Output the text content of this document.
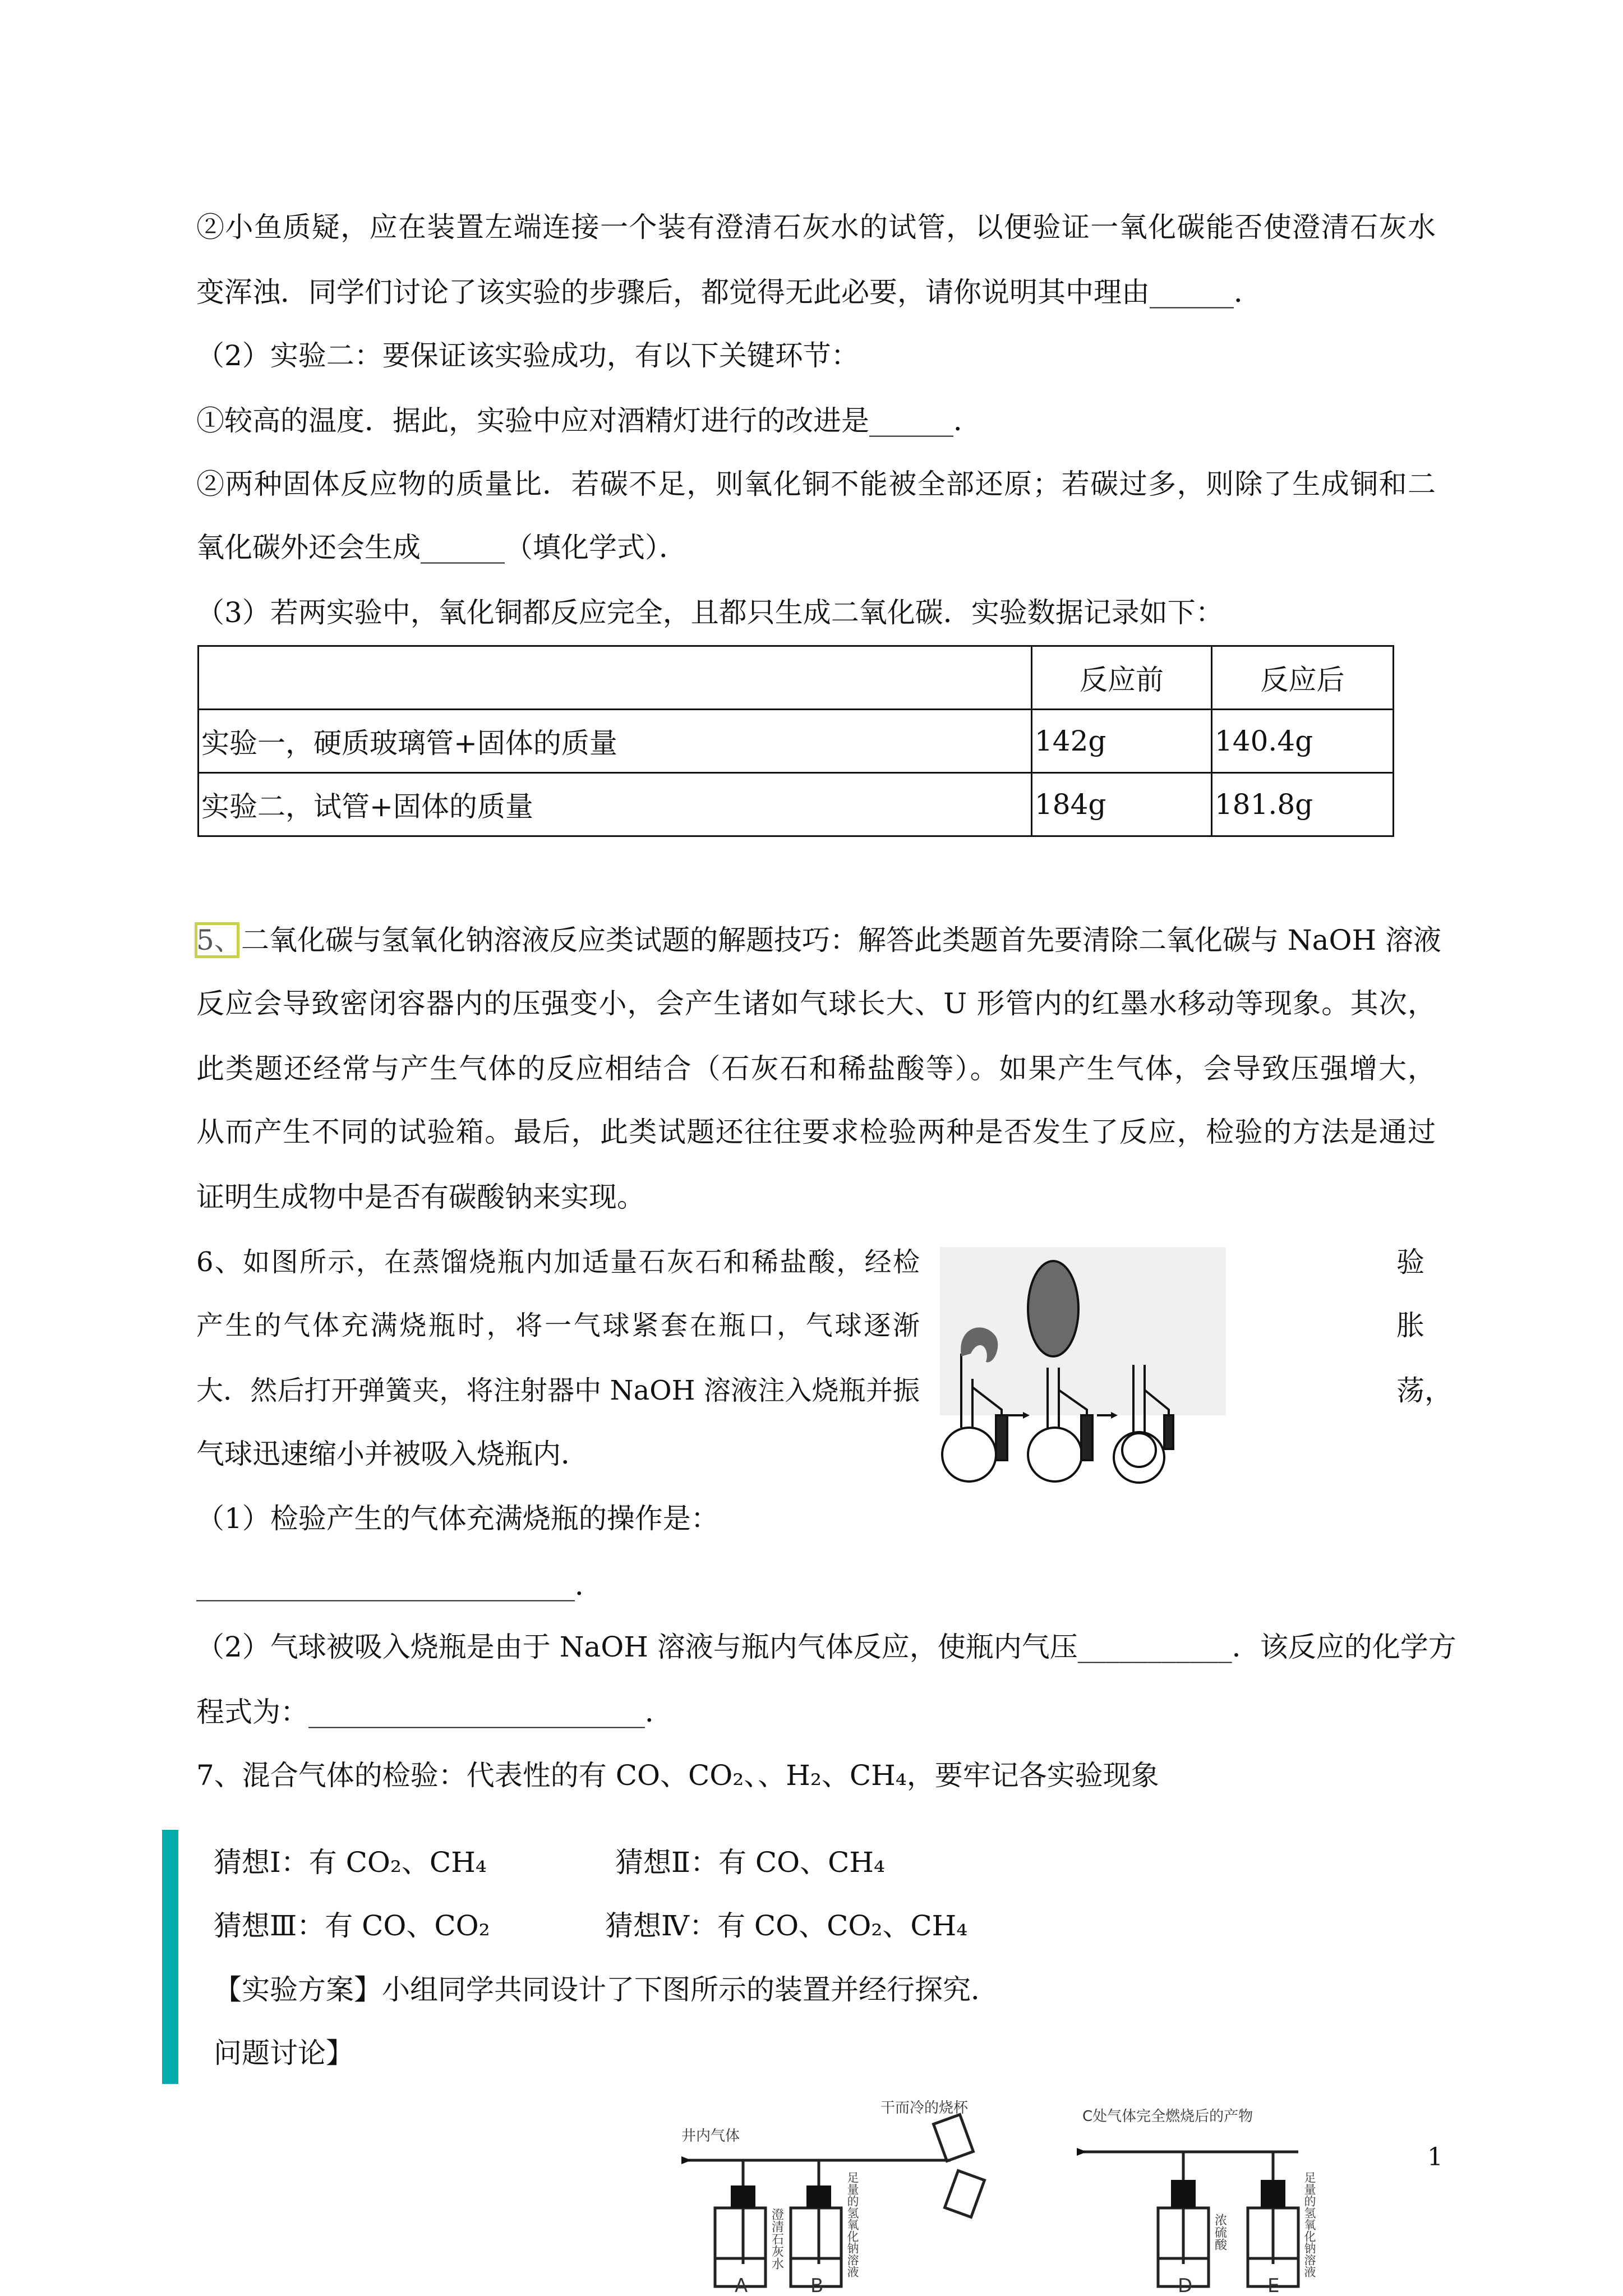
②小鱼质疑，应在装置左端连接一个装有澄清石灰水的试管，以便验证一氧化碳能否使澄清石灰水
变浑浊．同学们讨论了该实验的步骤后，都觉得无此必要，请你说明其中理由______．
（2）实验二：要保证该实验成功，有以下关键环节：
①较高的温度．据此，实验中应对酒精灯进行的改进是______．
②两种固体反应物的质量比．若碳不足，则氧化铜不能被全部还原；若碳过多，则除了生成铜和二
氧化碳外还会生成______（填化学式）．
（3）若两实验中，氧化铜都反应完全，且都只生成二氧化碳．实验数据记录如下：
	反应前	反应后
实验一，硬质玻璃管+固体的质量	142g	140.4g
实验二，试管+固体的质量	184g	181.8g
5、
二氧化碳与氢氧化钠溶液反应类试题的解题技巧：解答此类题首先要清除二氧化碳与 NaOH 溶液
反应会导致密闭容器内的压强变小，会产生诸如气球长大、U 形管内的红墨水移动等现象。其次，
此类题还经常与产生气体的反应相结合（石灰石和稀盐酸等）。如果产生气体，会导致压强增大，
从而产生不同的试验箱。最后，此类试题还往往要求检验两种是否发生了反应，检验的方法是通过
证明生成物中是否有碳酸钠来实现。
6、如图所示，在蒸馏烧瓶内加适量石灰石和稀盐酸，经检
产生的气体充满烧瓶时，将一气球紧套在瓶口，气球逐渐
大．然后打开弹簧夹，将注射器中 NaOH 溶液注入烧瓶并振
气球迅速缩小并被吸入烧瓶内．
验
胀
荡，
（1）检验产生的气体充满烧瓶的操作是：
___________________________．
（2）气球被吸入烧瓶是由于 NaOH 溶液与瓶内气体反应，使瓶内气压___________．该反应的化学方
程式为：________________________．
7、混合气体的检验：代表性的有 CO、CO₂、、H₂、CH₄，要牢记各实验现象
猜想Ⅰ：有 CO₂、CH₄	猜想Ⅱ：有 CO、CH₄
猜想Ⅲ：有 CO、CO₂	猜想Ⅳ：有 CO、CO₂、CH₄
【实验方案】小组同学共同设计了下图所示的装置并经行探究．
问题讨论】
井内气体
干而冷的烧杯	C处气体完全燃烧后的产物
澄清石灰水	足量的氢氧化钠溶液	浓硫酸	足量的氢氧化钠溶液
A	B	D	E
1
